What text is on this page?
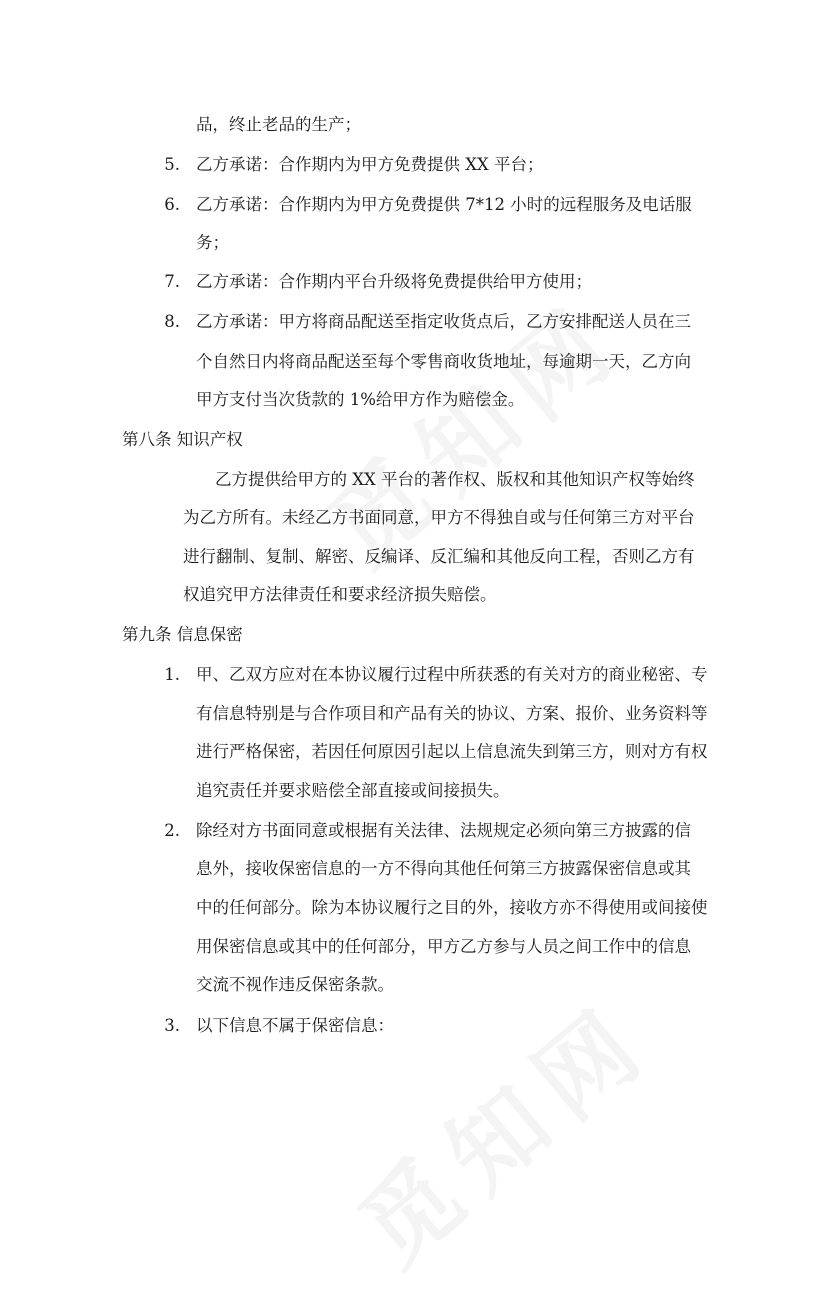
品，终止老品的生产；
5. 乙方承诺：合作期内为甲方免费提供 XX 平台；
6. 乙方承诺：合作期内为甲方免费提供 7*12 小时的远程服务及电话服
务；
7. 乙方承诺：合作期内平台升级将免费提供给甲方使用；
8. 乙方承诺：甲方将商品配送至指定收货点后，乙方安排配送人员在三
个自然日内将商品配送至每个零售商收货地址，每逾期一天，乙方向
甲方支付当次货款的 1%给甲方作为赔偿金。
第八条 知识产权
乙方提供给甲方的 XX 平台的著作权、版权和其他知识产权等始终
为乙方所有。未经乙方书面同意，甲方不得独自或与任何第三方对平台
进行翻制、复制、解密、反编译、反汇编和其他反向工程，否则乙方有
权追究甲方法律责任和要求经济损失赔偿。
第九条 信息保密
1. 甲、乙双方应对在本协议履行过程中所获悉的有关对方的商业秘密、专
有信息特别是与合作项目和产品有关的协议、方案、报价、业务资料等
进行严格保密，若因任何原因引起以上信息流失到第三方，则对方有权
追究责任并要求赔偿全部直接或间接损失。
2. 除经对方书面同意或根据有关法律、法规规定必须向第三方披露的信
息外，接收保密信息的一方不得向其他任何第三方披露保密信息或其
中的任何部分。除为本协议履行之目的外，接收方亦不得使用或间接使
用保密信息或其中的任何部分，甲方乙方参与人员之间工作中的信息
交流不视作违反保密条款。
3. 以下信息不属于保密信息：
